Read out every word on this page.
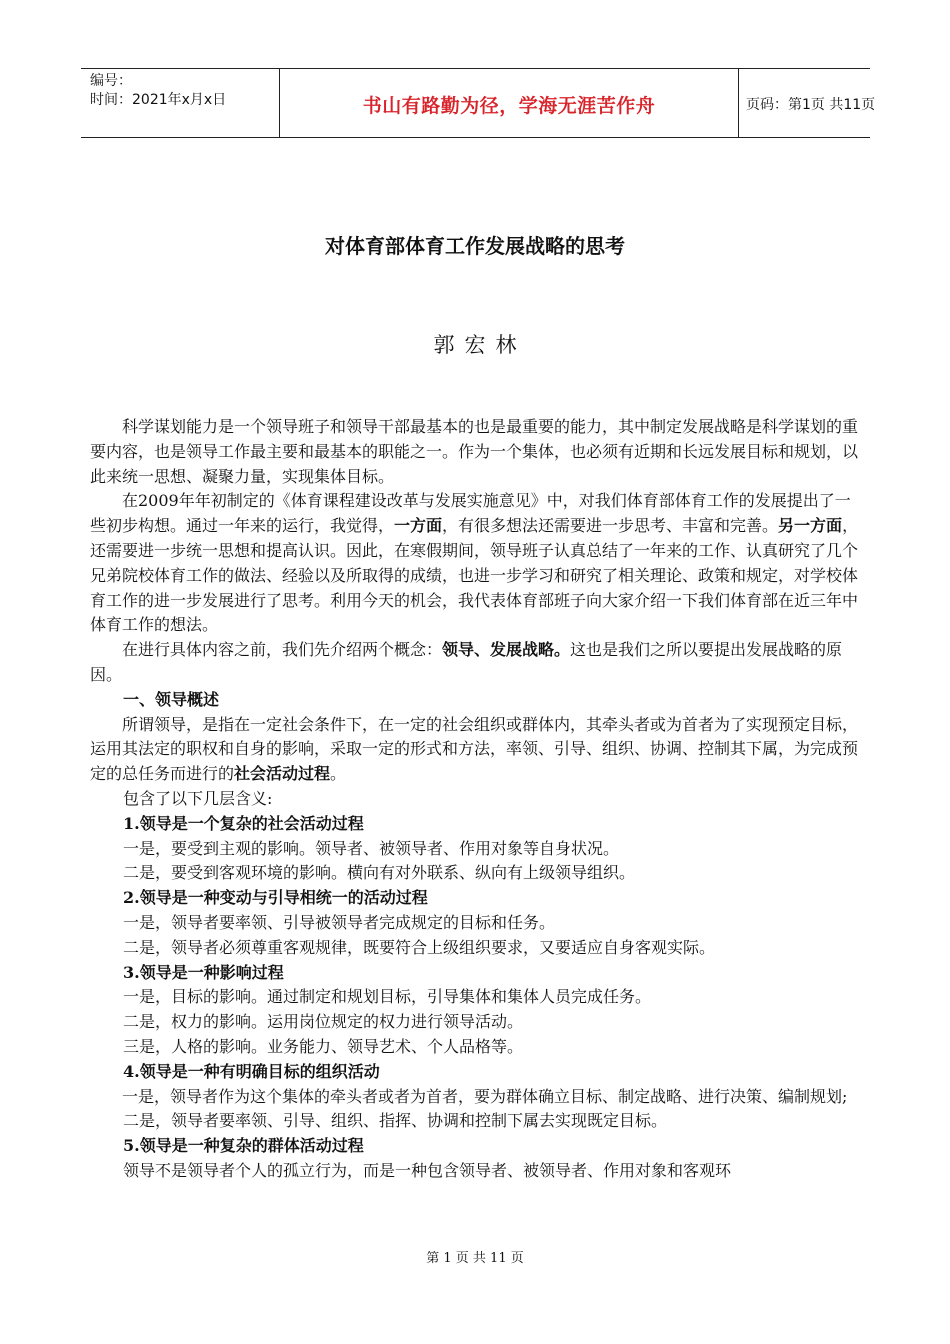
编号：
时间：2021年x月x日	书山有路勤为径，学海无涯苦作舟	页码：第1页 共11页
对体育部体育工作发展战略的思考
郭宏林

科学谋划能力是一个领导班子和领导干部最基本的也是最重要的能力，其中制定发展战略是科学谋划的重要内容，也是领导工作最主要和最基本的职能之一。作为一个集体，也必须有近期和长远发展目标和规划，以此来统一思想、凝聚力量，实现集体目标。

在2009年年初制定的《体育课程建设改革与发展实施意见》中，对我们体育部体育工作的发展提出了一些初步构想。通过一年来的运行，我觉得，一方面，有很多想法还需要进一步思考、丰富和完善。另一方面，还需要进一步统一思想和提高认识。因此，在寒假期间，领导班子认真总结了一年来的工作、认真研究了几个兄弟院校体育工作的做法、经验以及所取得的成绩，也进一步学习和研究了相关理论、政策和规定，对学校体育工作的进一步发展进行了思考。利用今天的机会，我代表体育部班子向大家介绍一下我们体育部在近三年中体育工作的想法。

在进行具体内容之前，我们先介绍两个概念：领导、发展战略。这也是我们之所以要提出发展战略的原因。

一、领导概述

所谓领导，是指在一定社会条件下，在一定的社会组织或群体内，其牵头者或为首者为了实现预定目标，运用其法定的职权和自身的影响，采取一定的形式和方法，率领、引导、组织、协调、控制其下属，为完成预定的总任务而进行的社会活动过程。

包含了以下几层含义:

1.领导是一个复杂的社会活动过程

一是，要受到主观的影响。领导者、被领导者、作用对象等自身状况。

二是，要受到客观环境的影响。横向有对外联系、纵向有上级领导组织。

2.领导是一种变动与引导相统一的活动过程

一是，领导者要率领、引导被领导者完成规定的目标和任务。

二是，领导者必须尊重客观规律，既要符合上级组织要求，又要适应自身客观实际。

3.领导是一种影响过程

一是，目标的影响。通过制定和规划目标，引导集体和集体人员完成任务。

二是，权力的影响。运用岗位规定的权力进行领导活动。

三是，人格的影响。业务能力、领导艺术、个人品格等。

4.领导是一种有明确目标的组织活动

一是，领导者作为这个集体的牵头者或者为首者，要为群体确立目标、制定战略、进行决策、编制规划;

二是，领导者要率领、引导、组织、指挥、协调和控制下属去实现既定目标。

5.领导是一种复杂的群体活动过程

领导不是领导者个人的孤立行为，而是一种包含领导者、被领导者、作用对象和客观环

第 1 页 共 11 页
